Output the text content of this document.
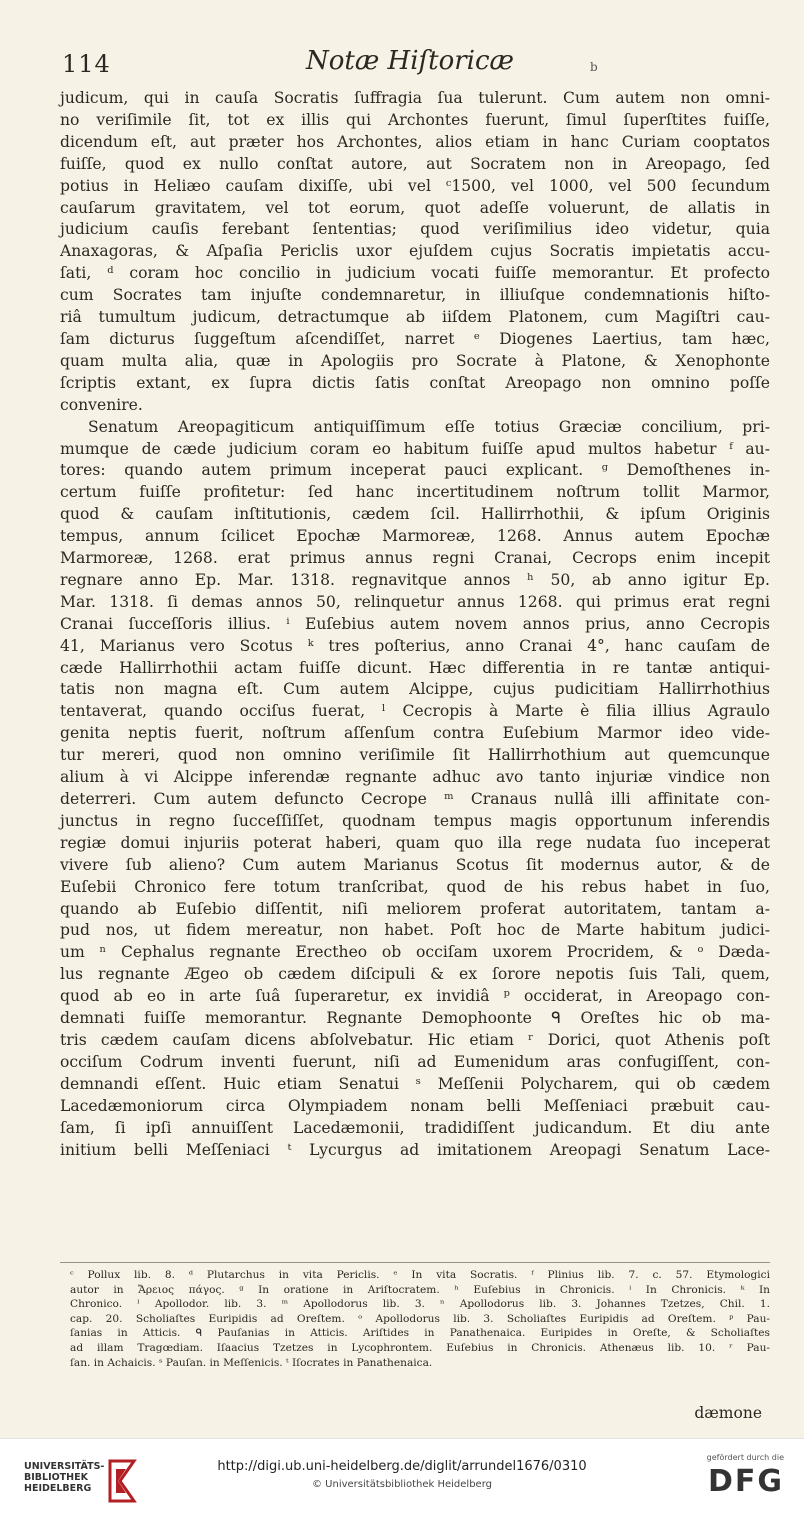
114	Notæ Hiſtoricæ	b

judicum, qui in cauſa Socratis ſuffragia ſua tulerunt. Cum autem non omni-

no veriſimile ſit, tot ex illis qui Archontes fuerunt, ſimul ſuperſtites fuiſſe,

dicendum eſt, aut præter hos Archontes, alios etiam in hanc Curiam cooptatos

fuiſſe, quod ex nullo conſtat autore, aut Socratem non in Areopago, ſed

potius in Heliæo cauſam dixiſſe, ubi vel ᶜ1500, vel 1000, vel 500 ſecundum

cauſarum gravitatem, vel tot eorum, quot adeſſe voluerunt, de allatis in

judicium cauſis ferebant ſententias; quod veriſimilius ideo videtur, quia

Anaxagoras, & Aſpaſia Periclis uxor ejuſdem cujus Socratis impietatis accu-

ſati, ᵈ coram hoc concilio in judicium vocati fuiſſe memorantur. Et profecto

cum Socrates tam injuſte condemnaretur, in illiuſque condemnationis hiſto-

riâ tumultum judicum, detractumque ab iiſdem Platonem, cum Magiſtri cau-

ſam dicturus ſuggeſtum aſcendiſſet, narret ᵉ Diogenes Laertius, tam hæc,

quam multa alia, quæ in Apologiis pro Socrate à Platone, & Xenophonte

ſcriptis extant, ex ſupra dictis ſatis conſtat Areopago non omnino poſſe

convenire.

Senatum Areopagiticum antiquiſſimum eſſe totius Græciæ concilium, pri-

mumque de cæde judicium coram eo habitum fuiſſe apud multos habetur ᶠ au-

tores: quando autem primum inceperat pauci explicant. ᵍ Demoſthenes in-

certum fuiſſe profitetur: ſed hanc incertitudinem noſtrum tollit Marmor,

quod & cauſam inſtitutionis, cædem ſcil. Hallirrhothii, & ipſum Originis

tempus, annum ſcilicet Epochæ Marmoreæ, 1268. Annus autem Epochæ

Marmoreæ, 1268. erat primus annus regni Cranai, Cecrops enim incepit

regnare anno Ep. Mar. 1318. regnavitque annos ʰ 50, ab anno igitur Ep.

Mar. 1318. ſi demas annos 50, relinquetur annus 1268. qui primus erat regni

Cranai ſucceſſoris illius. ⁱ Euſebius autem novem annos prius, anno Cecropis

41, Marianus vero Scotus ᵏ tres poſterius, anno Cranai 4°, hanc cauſam de

cæde Hallirrhothii actam fuiſſe dicunt. Hæc differentia in re tantæ antiqui-

tatis non magna eſt. Cum autem Alcippe, cujus pudicitiam Hallirrhothius

tentaverat, quando occiſus fuerat, ˡ Cecropis à Marte è filia illius Agraulo

genita neptis fuerit, noſtrum aſſenſum contra Euſebium Marmor ideo vide-

tur mereri, quod non omnino veriſimile ſit Hallirrhothium aut quemcunque

alium à vi Alcippe inferendæ regnante adhuc avo tanto injuriæ vindice non

deterreri. Cum autem defuncto Cecrope ᵐ Cranaus nullâ illi affinitate con-

junctus in regno ſucceſſiſſet, quodnam tempus magis opportunum inferendis

regiæ domui injuriis poterat haberi, quam quo illa rege nudata ſuo inceperat

vivere ſub alieno? Cum autem Marianus Scotus ſit modernus autor, & de

Euſebii Chronico fere totum tranſcribat, quod de his rebus habet in ſuo,

quando ab Euſebio diſſentit, niſi meliorem proferat autoritatem, tantam a-

pud nos, ut fidem mereatur, non habet. Poſt hoc de Marte habitum judici-

um ⁿ Cephalus regnante Erectheo ob occiſam uxorem Procridem, & ᵒ Dæda-

lus regnante Ægeo ob cædem diſcipuli & ex ſorore nepotis ſuis Tali, quem,

quod ab eo in arte ſuâ ſuperaretur, ex invidiâ ᵖ occiderat, in Areopago con-

demnati fuiſſe memorantur. Regnante Demophoonte ᑫ Oreſtes hic ob ma-

tris cædem cauſam dicens abſolvebatur. Hic etiam ʳ Dorici, quot Athenis poſt

occiſum Codrum inventi fuerunt, niſi ad Eumenidum aras confugiſſent, con-

demnandi eſſent. Huic etiam Senatui ˢ Meſſenii Polycharem, qui ob cædem

Lacedæmoniorum circa Olympiadem nonam belli Meſſeniaci præbuit cau-

ſam, ſi ipſi annuiſſent Lacedæmonii, tradidiſſent judicandum. Et diu ante

initium belli Meſſeniaci ᵗ Lycurgus ad imitationem Areopagi Senatum Lace-

ᶜ Pollux lib. 8. ᵈ Plutarchus in vita Periclis. ᵉ In vita Socratis. ᶠ Plinius lib. 7. c. 57. Etymologici

autor in Ἄρειος πάγος. ᵍ In oratione in Ariſtocratem. ʰ Euſebius in Chronicis. ⁱ In Chronicis. ᵏ In

Chronico. ˡ Apollodor. lib. 3. ᵐ Apollodorus lib. 3. ⁿ Apollodorus lib. 3. Johannes Tzetzes, Chil. 1.

cap. 20. Scholiaſtes Euripidis ad Oreſtem. ᵒ Apollodorus lib. 3. Scholiaſtes Euripidis ad Oreſtem. ᵖ Pau-

ſanias in Atticis. ᑫ Pauſanias in Atticis. Ariſtides in Panathenaica. Euripides in Oreſte, & Scholiaſtes

ad illam Tragœdiam. Iſaacius Tzetzes in Lycophrontem. Euſebius in Chronicis. Athenæus lib. 10. ʳ Pau-

ſan. in Achaicis. ˢ Pauſan. in Meſſenicis. ᵗ Iſocrates in Panathenaica.

dæmone
UNIVERSITÄTS-
BIBLIOTHEK
HEIDELBERG
http://digi.ub.uni-heidelberg.de/diglit/arrundel1676/0310
© Universitätsbibliothek Heidelberg
gefördert durch die
DFG
